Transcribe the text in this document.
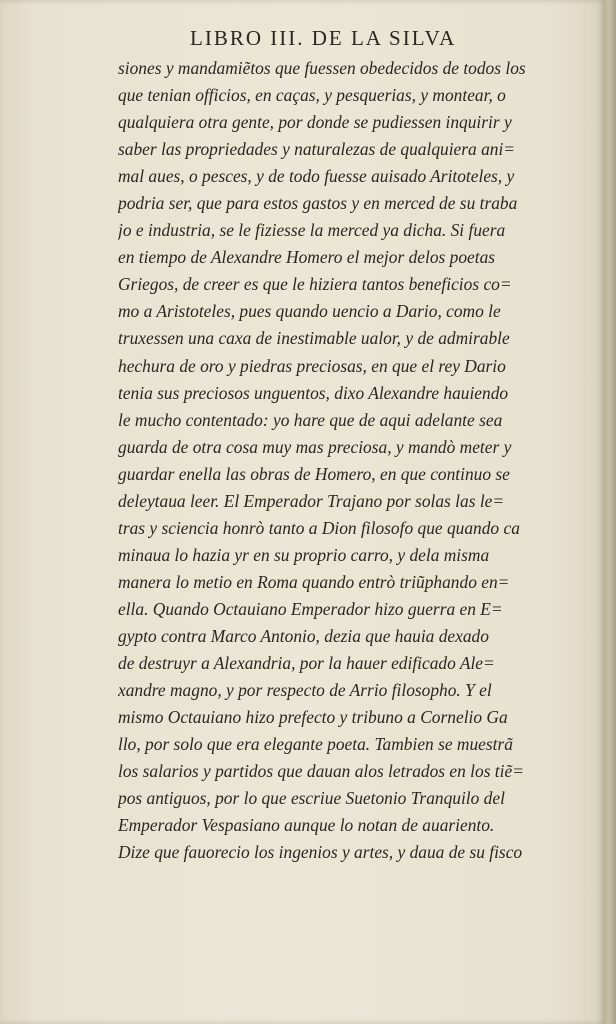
LIBRO III. DE LA SILVA
siones y mandamiẽtos que fuessen obedecidos de todos los
que tenian officios, en caças, y pesquerias, y montear, o
qualquiera otra gente, por donde se pudiessen inquirir y
saber las propriedades y naturalezas de qualquiera ani=
mal aues, o pesces, y de todo fuesse auisado Aritoteles, y
podria ser, que para estos gastos y en merced de su traba
jo e industria, se le fiziesse la merced ya dicha. Si fuera
en tiempo de Alexandre Homero el mejor delos poetas
Griegos, de creer es que le hiziera tantos beneficios co=
mo a Aristoteles, pues quando uencio a Dario, como le
truxessen una caxa de inestimable ualor, y de admirable
hechura de oro y piedras preciosas, en que el rey Dario
tenia sus preciosos unguentos, dixo Alexandre hauiendo
le mucho contentado: yo hare que de aqui adelante sea
guarda de otra cosa muy mas preciosa, y mandò meter y
guardar enella las obras de Homero, en que continuo se
deleytaua leer. El Emperador Trajano por solas las le=
tras y sciencia honrò tanto a Dion filosofo que quando ca
minaua lo hazia yr en su proprio carro, y dela misma
manera lo metio en Roma quando entrò triũphando en=
ella. Quando Octauiano Emperador hizo guerra en E=
gypto contra Marco Antonio, dezia que hauia dexado
de destruyr a Alexandria, por la hauer edificado Ale=
xandre magno, y por respecto de Arrio filosopho. Y el
mismo Octauiano hizo prefecto y tribuno a Cornelio Ga
llo, por solo que era elegante poeta. Tambien se muestrã
los salarios y partidos que dauan alos letrados en los tiẽ=
pos antiguos, por lo que escriue Suetonio Tranquilo del
Emperador Vespasiano aunque lo notan de auariento.
Dize que fauorecio los ingenios y artes, y daua de su fisco
